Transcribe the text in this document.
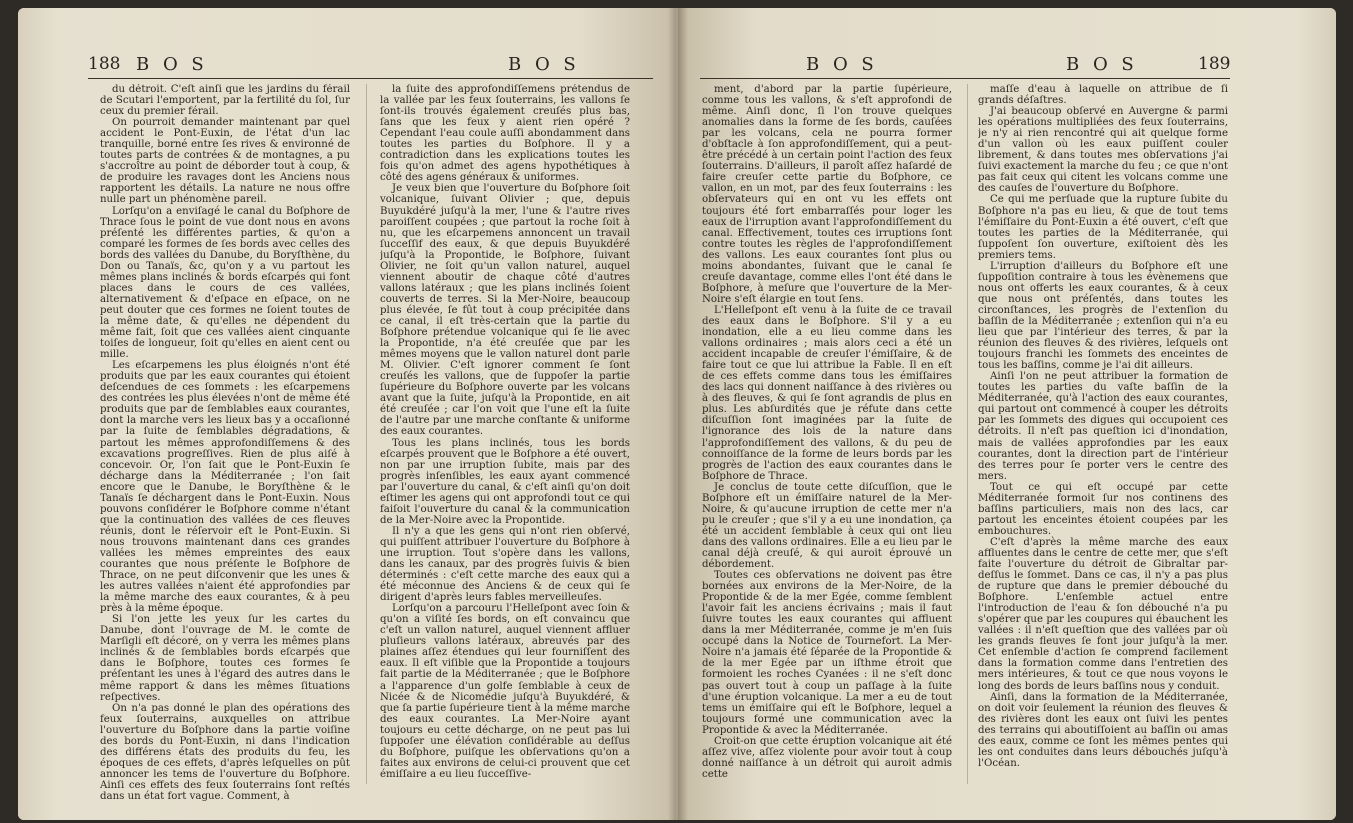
188 B O S	B O S

du détroit. C'eſt ainſi que les jardins du férail de Scutari l'emportent, par la fertilité du ſol, ſur ceux du premier férail.

On pourroit demander maintenant par quel accident le Pont-Euxin, de l'état d'un lac tranquille, borné entre ſes rives & environné de toutes parts de contrées & de montagnes, a pu s'accroître au point de déborder tout à coup, & de produire les ravages dont les Anciens nous rapportent les détails. La nature ne nous offre nulle part un phénomène pareil.

Lorſqu'on a enviſagé le canal du Boſphore de Thrace ſous le point de vue dont nous en avons préſenté les différentes parties, & qu'on a comparé les formes de ſes bords avec celles des bords des vallées du Danube, du Boryſthène, du Don ou Tanaïs, &c, qu'on y a vu partout les mêmes plans inclinés & bords eſcarpés qui font places dans le cours de ces vallées, alternativement & d'eſpace en eſpace, on ne peut douter que ces formes ne ſoient toutes de la même date, & qu'elles ne dépendent du même fait, ſoit que ces vallées aient cinquante toiſes de longueur, ſoit qu'elles en aient cent ou mille.

Les eſcarpemens les plus éloignés n'ont été produits que par les eaux courantes qui étoient deſcendues de ces ſommets : les eſcarpemens des contrées les plus élevées n'ont de même été produits que par de ſemblables eaux courantes, dont la marche vers les lieux bas y a occaſionné par la ſuite de ſemblables dégradations, & partout les mêmes approfondiſſemens & des excavations progreſſives. Rien de plus aiſé à concevoir. Or, l'on ſait que le Pont-Euxin ſe décharge dans la Méditerranée ; l'on ſait encore que le Danube, le Boryſthène & le Tanaïs ſe déchargent dans le Pont-Euxin. Nous pouvons conſidérer le Boſphore comme n'étant que la continuation des vallées de ces fleuves réunis, dont le réſervoir eſt le Pont-Euxin. Si nous trouvons maintenant dans ces grandes vallées les mêmes empreintes des eaux courantes que nous préſente le Boſphore de Thrace, on ne peut diſconvenir que les unes & les autres vallées n'aient été approfondies par la même marche des eaux courantes, & à peu près à la même époque.

Si l'on jette les yeux ſur les cartes du Danube, dont l'ouvrage de M. le comte de Marſigli eſt décoré, on y verra les mêmes plans inclinés & de ſemblables bords eſcarpés que dans le Boſphore, toutes ces formes ſe préſentant les unes à l'égard des autres dans le même rapport & dans les mêmes ſituations reſpectives.

On n'a pas donné le plan des opérations des feux ſouterrains, auxquelles on attribue l'ouverture du Boſphore dans la partie voiſine des bords du Pont-Euxin, ni dans l'indication des différens états des produits du feu, les époques de ces effets, d'après leſquelles on pût annoncer les tems de l'ouverture du Boſphore. Ainſi ces effets des feux ſouterrains ſont reſtés dans un état fort vague. Comment, à

la ſuite des approfondiſſemens prétendus de la vallée par les feux ſouterrains, les vallons ſe ſont-ils trouvés également creuſés plus bas, ſans que les feux y aient rien opéré ? Cependant l'eau coule auſſi abondamment dans toutes les parties du Boſphore. Il y a contradiction dans les explications toutes les fois qu'on admet des agens hypothétiques à côté des agens généraux & uniformes.

Je veux bien que l'ouverture du Boſphore ſoit volcanique, ſuivant Olivier ; que, depuis Buyukdéré juſqu'à la mer, l'une & l'autre rives paroiſſent coupées ; que partout la roche ſoit à nu, que les eſcarpemens annoncent un travail ſucceſſif des eaux, & que depuis Buyukdéré juſqu'à la Propontide, le Boſphore, ſuivant Olivier, ne ſoit qu'un vallon naturel, auquel viennent aboutir de chaque côté d'autres vallons latéraux ; que les plans inclinés ſoient couverts de terres. Si la Mer-Noire, beaucoup plus élevée, ſe fût tout à coup précipitée dans ce canal, il eſt très-certain que la partie du Boſphore prétendue volcanique qui ſe lie avec la Propontide, n'a été creuſée que par les mêmes moyens que le vallon naturel dont parle M. Olivier. C'eſt ignorer comment ſe ſont creuſés les vallons, que de ſuppoſer la partie ſupérieure du Boſphore ouverte par les volcans avant que la ſuite, juſqu'à la Propontide, en ait été creuſée ; car l'on voit que l'une eſt la ſuite de l'autre par une marche conſtante & uniforme des eaux courantes.

Tous les plans inclinés, tous les bords eſcarpés prouvent que le Boſphore a été ouvert, non par une irruption ſubite, mais par des progrès inſenſibles, les eaux ayant commencé par l'ouverture du canal, & c'eſt ainſi qu'on doit eſtimer les agens qui ont approfondi tout ce qui faiſoit l'ouverture du canal & la communication de la Mer-Noire avec la Propontide.

Il n'y a que les gens qui n'ont rien obſervé, qui puiſſent attribuer l'ouverture du Boſphore à une irruption. Tout s'opère dans les vallons, dans les canaux, par des progrès ſuivis & bien déterminés : c'eſt cette marche des eaux qui a été méconnue des Anciens & de ceux qui ſe dirigent d'après leurs fables merveilleuſes.

Lorſqu'on a parcouru l'Helleſpont avec ſoin & qu'on a viſité ſes bords, on eſt convaincu que c'eſt un vallon naturel, auquel viennent affluer pluſieurs vallons latéraux, abreuvés par des plaines aſſez étendues qui leur fourniſſent des eaux. Il eſt viſible que la Propontide a toujours fait partie de la Méditerranée ; que le Boſphore a l'apparence d'un golfe ſemblable à ceux de Nicée & de Nicomédie juſqu'à Buyukdéré, & que ſa partie ſupérieure tient à la même marche des eaux courantes. La Mer-Noire ayant toujours eu cette décharge, on ne peut pas lui ſuppoſer une élévation conſidérable au deſſus du Boſphore, puiſque les obſervations qu'on a faites aux environs de celui-ci prouvent que cet émiſſaire a eu lieu ſucceſſive-

B O S	B O S	189

ment, d'abord par la partie ſupérieure, comme tous les vallons, & s'eſt approfondi de même. Ainſi donc, ſi l'on trouve quelques anomalies dans la forme de ſes bords, cauſées par les volcans, cela ne pourra former d'obſtacle à ſon approfondiſſement, qui a peut-être précédé à un certain point l'action des feux ſouterrains. D'ailleurs, il paroît aſſez haſardé de faire creuſer cette partie du Boſphore, ce vallon, en un mot, par des feux ſouterrains : les obſervateurs qui en ont vu les effets ont toujours été fort embarraſſés pour loger les eaux de l'irruption avant l'approfondiſſement du canal. Effectivement, toutes ces irruptions ſont contre toutes les règles de l'approfondiſſement des vallons. Les eaux courantes ſont plus ou moins abondantes, ſuivant que le canal ſe creuſe davantage, comme elles l'ont été dans le Boſphore, à meſure que l'ouverture de la Mer-Noire s'eſt élargie en tout ſens.

L'Helleſpont eſt venu à la ſuite de ce travail des eaux dans le Boſphore. S'il y a eu inondation, elle a eu lieu comme dans les vallons ordinaires ; mais alors ceci a été un accident incapable de creuſer l'émiſſaire, & de faire tout ce que lui attribue la Fable. Il en eſt de ces effets comme dans tous les émiſſaires des lacs qui donnent naiſſance à des rivières ou à des fleuves, & qui ſe ſont agrandis de plus en plus. Les abſurdités que je réfute dans cette diſcuſſion ſont imaginées par la ſuite de l'ignorance des lois de la nature dans l'approfondiſſement des vallons, & du peu de connoiſſance de la forme de leurs bords par les progrès de l'action des eaux courantes dans le Boſphore de Thrace.

Je conclus de toute cette diſcuſſion, que le Boſphore eſt un émiſſaire naturel de la Mer-Noire, & qu'aucune irruption de cette mer n'a pu le creuſer ; que s'il y a eu une inondation, ça été un accident ſemblable à ceux qui ont lieu dans des vallons ordinaires. Elle a eu lieu par le canal déjà creuſé, & qui auroit éprouvé un débordement.

Toutes ces obſervations ne doivent pas être bornées aux environs de la Mer-Noire, de la Propontide & de la mer Egée, comme ſemblent l'avoir fait les anciens écrivains ; mais il faut ſuivre toutes les eaux courantes qui affluent dans la mer Méditerranée, comme je m'en ſuis occupé dans la Notice de Tournefort. La Mer-Noire n'a jamais été ſéparée de la Propontide & de la mer Egée par un iſthme étroit que formoient les roches Cyanées : il ne s'eſt donc pas ouvert tout à coup un paſſage à la ſuite d'une éruption volcanique. La mer a eu de tout tems un émiſſaire qui eſt le Boſphore, lequel a toujours formé une communication avec la Propontide & avec la Méditerranée.

Croit-on que cette éruption volcanique ait été aſſez vive, aſſez violente pour avoir tout à coup donné naiſſance à un détroit qui auroit admis cette

maſſe d'eau à laquelle on attribue de ſi grands déſaſtres.

J'ai beaucoup obſervé en Auvergne & parmi les opérations multipliées des feux ſouterrains, je n'y ai rien rencontré qui ait quelque forme d'un vallon où les eaux puiſſent couler librement, & dans toutes mes obſervations j'ai ſuivi exactement la marche du feu ; ce que n'ont pas fait ceux qui citent les volcans comme une des cauſes de l'ouverture du Boſphore.

Ce qui me perſuade que la rupture ſubite du Boſphore n'a pas eu lieu, & que de tout tems l'émiſſaire du Pont-Euxin a été ouvert, c'eſt que toutes les parties de la Méditerranée, qui ſuppoſent ſon ouverture, exiſtoient dès les premiers tems.

L'irruption d'ailleurs du Boſphore eſt une ſuppoſition contraire à tous les évènemens que nous ont offerts les eaux courantes, & à ceux que nous ont préſentés, dans toutes les circonſtances, les progrès de l'extenſion du baſſin de la Méditerranée ; extenſion qui n'a eu lieu que par l'intérieur des terres, & par la réunion des fleuves & des rivières, leſquels ont toujours franchi les ſommets des enceintes de tous les baſſins, comme je l'ai dit ailleurs.

Ainſi l'on ne peut attribuer la formation de toutes les parties du vaſte baſſin de la Méditerranée, qu'à l'action des eaux courantes, qui partout ont commencé à couper les détroits par les ſommets des digues qui occupoient ces détroits. Il n'eſt pas queſtion ici d'inondation, mais de vallées approfondies par les eaux courantes, dont la direction part de l'intérieur des terres pour ſe porter vers le centre des mers.

Tout ce qui eſt occupé par cette Méditerranée formoit ſur nos continens des baſſins particuliers, mais non des lacs, car partout les enceintes étoient coupées par les embouchures.

C'eſt d'après la même marche des eaux affluentes dans le centre de cette mer, que s'eſt faite l'ouverture du détroit de Gibraltar par-deſſus le ſommet. Dans ce cas, il n'y a pas plus de rupture que dans le premier débouché du Boſphore. L'enſemble actuel entre l'introduction de l'eau & ſon débouché n'a pu s'opérer que par les coupures qui ébauchent les vallées : il n'eſt queſtion que des vallées par où les grands fleuves ſe font jour juſqu'à la mer. Cet enſemble d'action ſe comprend facilement dans la formation comme dans l'entretien des mers intérieures, & tout ce que nous voyons le long des bords de leurs baſſins nous y conduit.

Ainſi, dans la formation de la Méditerranée, on doit voir ſeulement la réunion des fleuves & des rivières dont les eaux ont ſuivi les pentes des terrains qui aboutiſſoient au baſſin ou amas des eaux, comme ce ſont les mêmes pentes qui les ont conduites dans leurs débouchés juſqu'à l'Océan.
